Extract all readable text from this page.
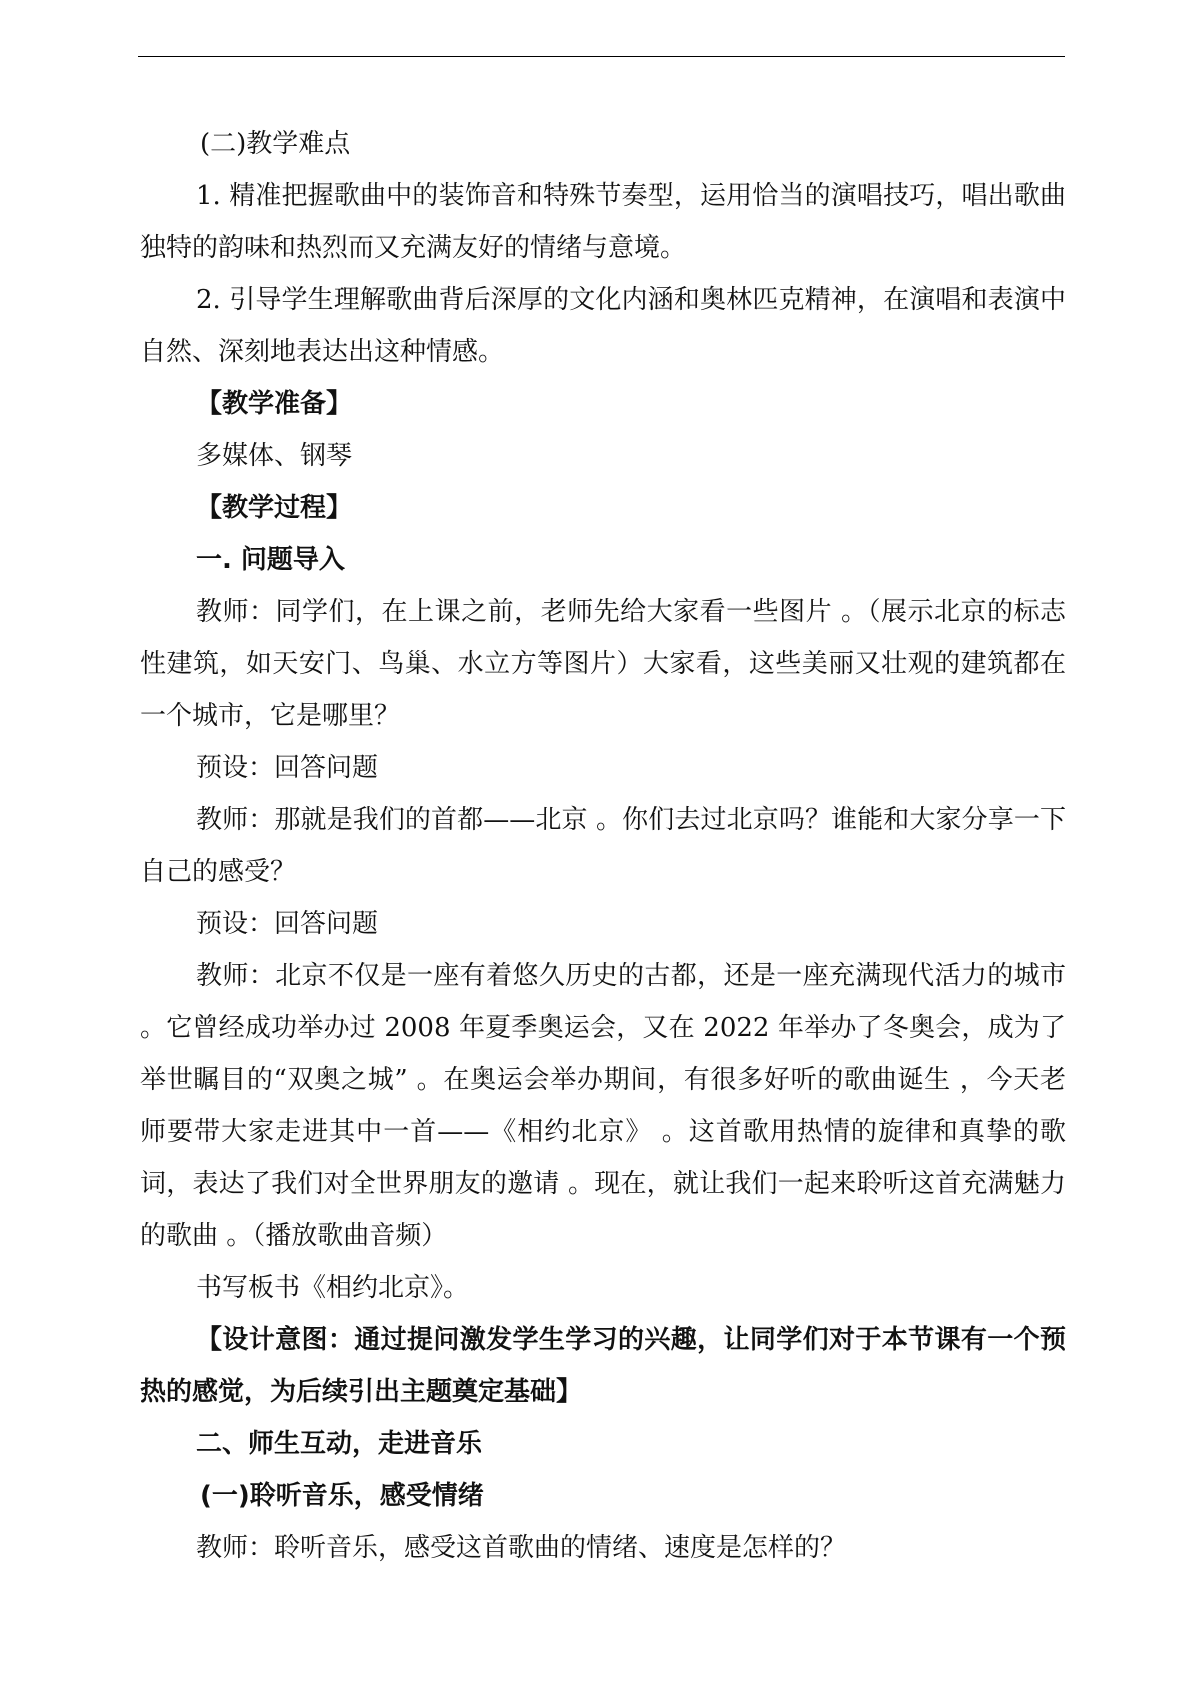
(二)教学难点

1. 精准把握歌曲中的装饰音和特殊节奏型，运用恰当的演唱技巧，唱出歌曲独特的韵味和热烈而又充满友好的情绪与意境。

2. 引导学生理解歌曲背后深厚的文化内涵和奥林匹克精神，在演唱和表演中自然、深刻地表达出这种情感。

【教学准备】

多媒体、钢琴

【教学过程】

一. 问题导入

教师：同学们，在上课之前，老师先给大家看一些图片 。（展示北京的标志性建筑，如天安门、鸟巢、水立方等图片）大家看，这些美丽又壮观的建筑都在一个城市，它是哪里？

预设：回答问题

教师：那就是我们的首都——北京 。你们去过北京吗？谁能和大家分享一下自己的感受？

预设：回答问题

教师：北京不仅是一座有着悠久历史的古都，还是一座充满现代活力的城市 。它曾经成功举办过 2008 年夏季奥运会，又在 2022 年举办了冬奥会，成为了举世瞩目的“双奥之城” 。在奥运会举办期间，有很多好听的歌曲诞生 ，今天老师要带大家走进其中一首——《相约北京》 。这首歌用热情的旋律和真挚的歌词，表达了我们对全世界朋友的邀请 。现在，就让我们一起来聆听这首充满魅力的歌曲 。（播放歌曲音频）

书写板书《相约北京》。

【设计意图：通过提问激发学生学习的兴趣，让同学们对于本节课有一个预热的感觉，为后续引出主题奠定基础】

二、师生互动，走进音乐

(一)聆听音乐，感受情绪

教师：聆听音乐，感受这首歌曲的情绪、速度是怎样的？
